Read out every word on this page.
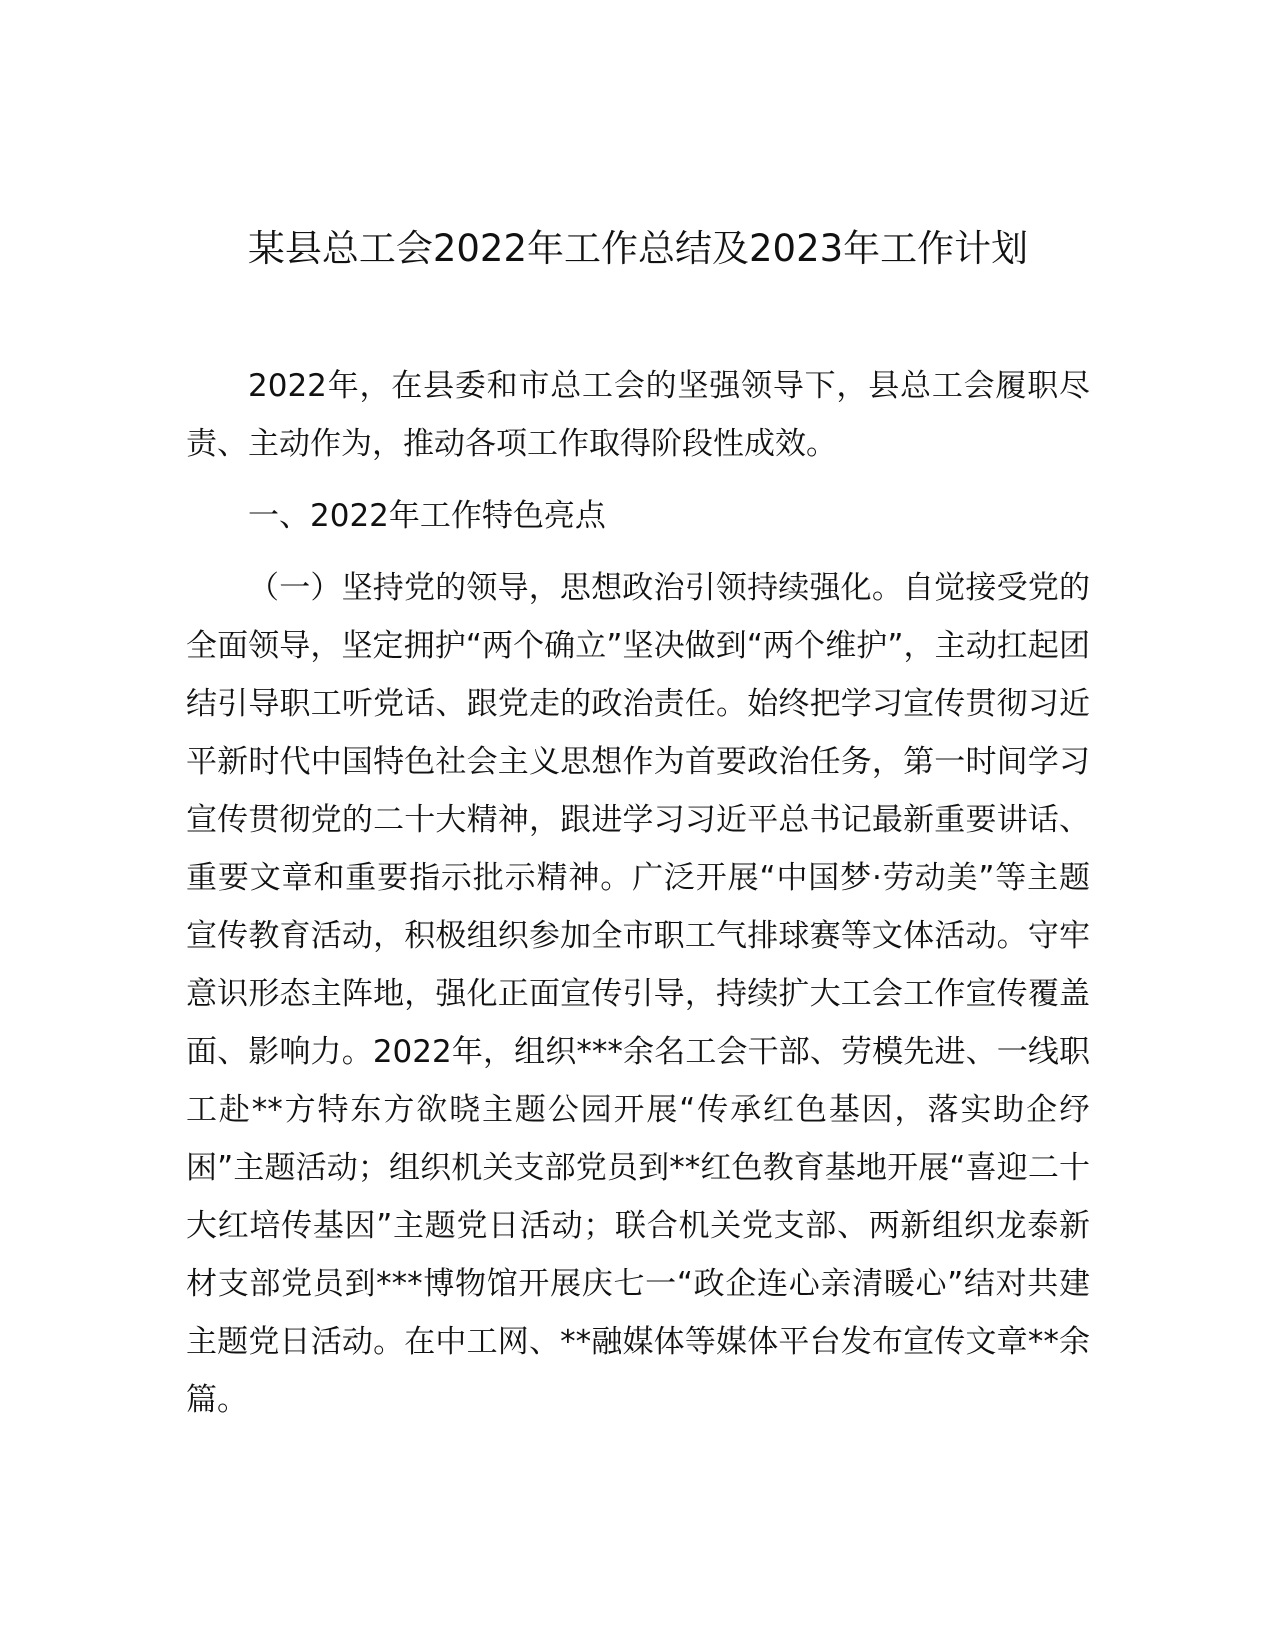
某县总工会2022年工作总结及2023年工作计划

2022年，在县委和市总工会的坚强领导下，县总工会履职尽责、主动作为，推动各项工作取得阶段性成效。

一、2022年工作特色亮点

（一）坚持党的领导，思想政治引领持续强化。自觉接受党的全面领导，坚定拥护“两个确立”坚决做到“两个维护”，主动扛起团结引导职工听党话、跟党走的政治责任。始终把学习宣传贯彻习近平新时代中国特色社会主义思想作为首要政治任务，第一时间学习宣传贯彻党的二十大精神，跟进学习习近平总书记最新重要讲话、重要文章和重要指示批示精神。广泛开展“中国梦·劳动美”等主题宣传教育活动，积极组织参加全市职工气排球赛等文体活动。守牢意识形态主阵地，强化正面宣传引导，持续扩大工会工作宣传覆盖面、影响力。2022年，组织***余名工会干部、劳模先进、一线职工赴**方特东方欲晓主题公园开展“传承红色基因，落实助企纾困”主题活动；组织机关支部党员到**红色教育基地开展“喜迎二十大红培传基因”主题党日活动；联合机关党支部、两新组织龙泰新材支部党员到***博物馆开展庆七一“政企连心亲清暖心”结对共建主题党日活动。在中工网、**融媒体等媒体平台发布宣传文章**余篇。
